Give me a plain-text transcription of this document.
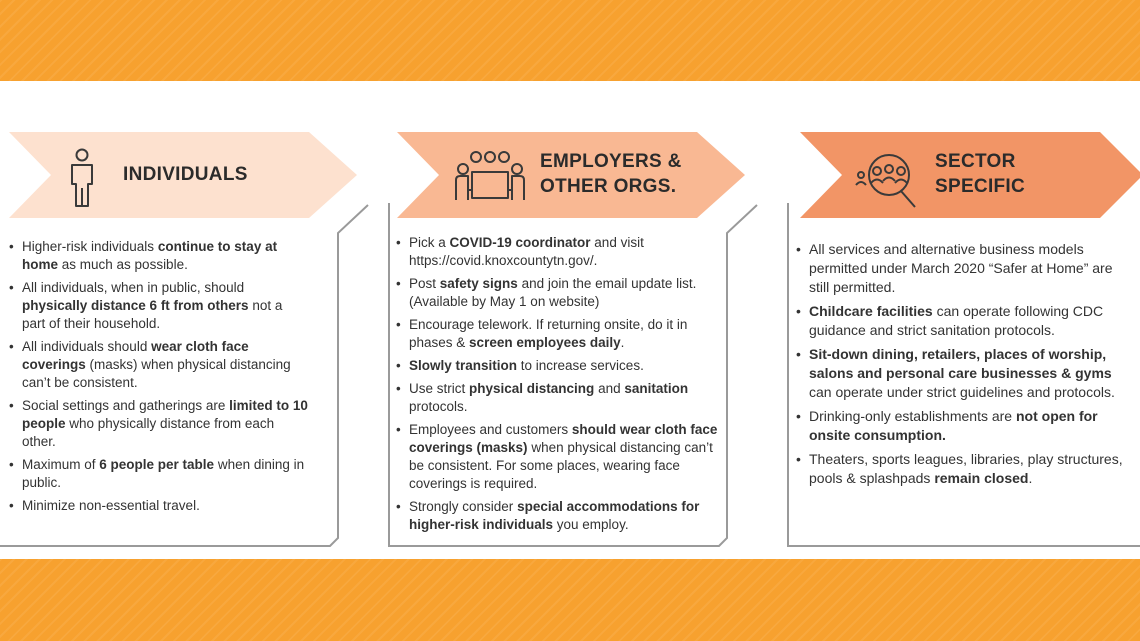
INDIVIDUALS
• Higher-risk individuals continue to stay at home as much as possible.
• All individuals, when in public, should physically distance 6 ft from others not a part of their household.
• All individuals should wear cloth face coverings (masks) when physical distancing can’t be consistent.
• Social settings and gatherings are limited to 10 people who physically distance from each other.
• Maximum of 6 people per table when dining in public.
• Minimize non-essential travel.
EMPLOYERS & OTHER ORGS.
• Pick a COVID-19 coordinator and visit https://covid.knoxcountytn.gov/.
• Post safety signs and join the email update list. (Available by May 1 on website)
• Encourage telework. If returning onsite, do it in phases & screen employees daily.
• Slowly transition to increase services.
• Use strict physical distancing and sanitation protocols.
• Employees and customers should wear cloth face coverings (masks) when physical distancing can’t be consistent. For some places, wearing face coverings is required.
• Strongly consider special accommodations for higher-risk individuals you employ.
SECTOR SPECIFIC
• All services and alternative business models permitted under March 2020 “Safer at Home” are still permitted.
• Childcare facilities can operate following CDC guidance and strict sanitation protocols.
• Sit-down dining, retailers, places of worship, salons and personal care businesses & gyms can operate under strict guidelines and protocols.
• Drinking-only establishments are not open for onsite consumption.
• Theaters, sports leagues, libraries, play structures, pools & splashpads remain closed.
